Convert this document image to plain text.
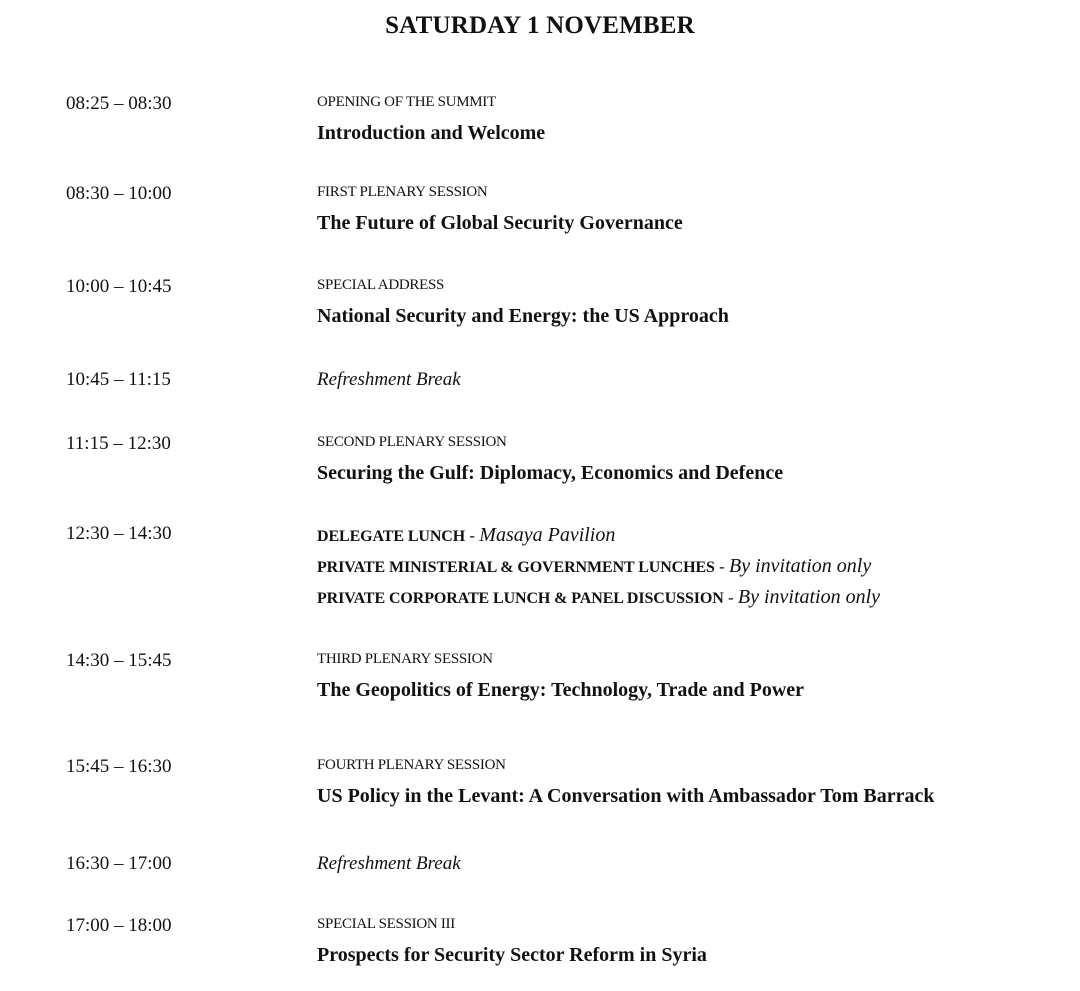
SATURDAY 1 NOVEMBER
08:25 – 08:30	OPENING OF THE SUMMIT
Introduction and Welcome
08:30 – 10:00	FIRST PLENARY SESSION
The Future of Global Security Governance
10:00 – 10:45	SPECIAL ADDRESS
National Security and Energy: the US Approach
10:45 – 11:15	Refreshment Break
11:15 – 12:30	SECOND PLENARY SESSION
Securing the Gulf: Diplomacy, Economics and Defence
12:30 – 14:30	DELEGATE LUNCH - Masaya Pavilion
PRIVATE MINISTERIAL & GOVERNMENT LUNCHES - By invitation only
PRIVATE CORPORATE LUNCH & PANEL DISCUSSION - By invitation only
14:30 – 15:45	THIRD PLENARY SESSION
The Geopolitics of Energy: Technology, Trade and Power
15:45 – 16:30	FOURTH PLENARY SESSION
US Policy in the Levant: A Conversation with Ambassador Tom Barrack
16:30 – 17:00	Refreshment Break
17:00 – 18:00	SPECIAL SESSION III
Prospects for Security Sector Reform in Syria
